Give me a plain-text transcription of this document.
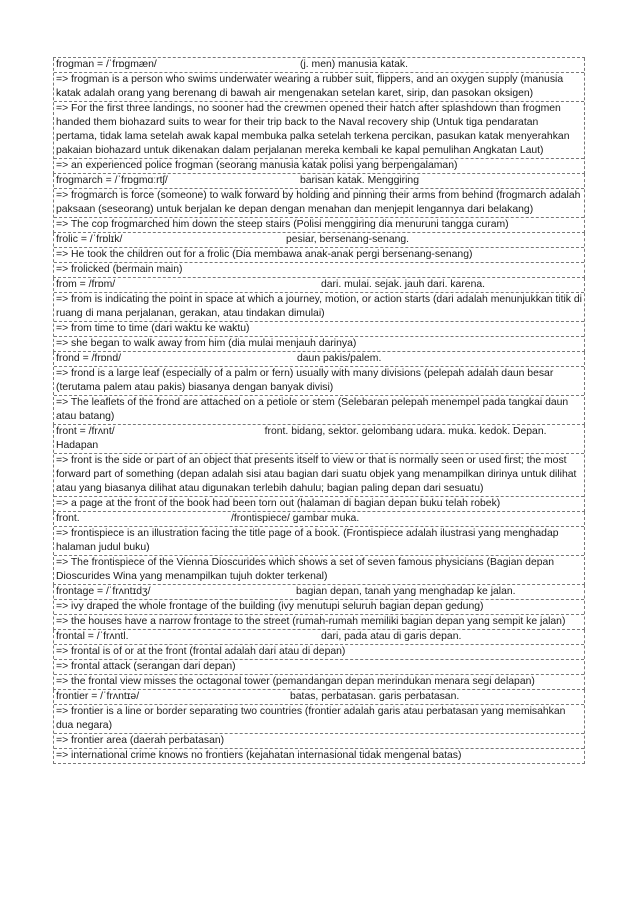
frogman = /ˈfrɒɡmæn/	(j. men) manusia katak.
=> frogman is a person who swims underwater wearing a rubber suit, flippers, and an oxygen supply (manusia katak adalah orang yang berenang di bawah air mengenakan setelan karet, sirip, dan pasokan oksigen)
=> For the first three landings, no sooner had the crewmen opened their hatch after splashdown than frogmen handed them biohazard suits to wear for their trip back to the Naval recovery ship (Untuk tiga pendaratan pertama, tidak lama setelah awak kapal membuka palka setelah terkena percikan, pasukan katak menyerahkan pakaian biohazard untuk dikenakan dalam perjalanan mereka kembali ke kapal pemulihan Angkatan Laut)
=> an experienced police frogman (seorang manusia katak polisi yang berpengalaman)
frogmarch = /ˈfrɒɡmɑːrtʃ/	barisan katak. Menggiring
=> frogmarch is force (someone) to walk forward by holding and pinning their arms from behind (frogmarch adalah paksaan (seseorang) untuk berjalan ke depan dengan menahan dan menjepit lengannya dari belakang)
=> The cop frogmarched him down the steep stairs (Polisi menggiring dia menuruni tangga curam)
frolic = /ˈfrɒlɪk/	pesiar, bersenang-senang.
=> He took the children out for a frolic (Dia membawa anak-anak pergi bersenang-senang)
=> frolicked (bermain main)
from = /frɒm/	dari. mulai. sejak. jauh dari. karena.
=> from is indicating the point in space at which a journey, motion, or action starts (dari adalah menunjukkan titik di ruang di mana perjalanan, gerakan, atau tindakan dimulai)
=> from time to time (dari waktu ke waktu)
=> she began to walk away from him (dia mulai menjauh darinya)
frond = /frɒnd/	daun pakis/palem.
=> frond is a large leaf (especially of a palm or fern) usually with many divisions (pelepah adalah daun besar (terutama palem atau pakis) biasanya dengan banyak divisi)
=> The leaflets of the frond are attached on a petiole or stem (Selebaran pelepah menempel pada tangkai daun atau batang)
front = /frʌnt/	front. bidang, sektor. gelombang udara. muka. kedok. Depan. Hadapan
=> front is the side or part of an object that presents itself to view or that is normally seen or used first; the most forward part of something (depan adalah sisi atau bagian dari suatu objek yang menampilkan dirinya untuk dilihat atau yang biasanya dilihat atau digunakan terlebih dahulu; bagian paling depan dari sesuatu)
=> a page at the front of the book had been torn out (halaman di bagian depan buku telah robek)
front.	/frontispiece/ gambar muka.
=> frontispiece is an illustration facing the title page of a book. (Frontispiece adalah ilustrasi yang menghadap halaman judul buku)
=> The frontispiece of the Vienna Dioscurides which shows a set of seven famous physicians (Bagian depan Dioscurides Wina yang menampilkan tujuh dokter terkenal)
frontage = /ˈfrʌntɪdʒ/	bagian depan, tanah yang menghadap ke jalan.
=> ivy draped the whole frontage of the building (ivy menutupi seluruh bagian depan gedung)
=> the houses have a narrow frontage to the street (rumah-rumah memiliki bagian depan yang sempit ke jalan)
frontal = /ˈfrʌntl.	dari, pada atau di garis depan.
=> frontal is of or at the front (frontal adalah dari atau di depan)
=> frontal attack (serangan dari depan)
=> the frontal view misses the octagonal tower (pemandangan depan merindukan menara segi delapan)
frontier = /ˈfrʌntɪə/	batas, perbatasan. garis perbatasan.
=> frontier is a line or border separating two countries (frontier adalah garis atau perbatasan yang memisahkan dua negara)
=> frontier area (daerah perbatasan)
=> international crime knows no frontiers (kejahatan internasional tidak mengenal batas)
